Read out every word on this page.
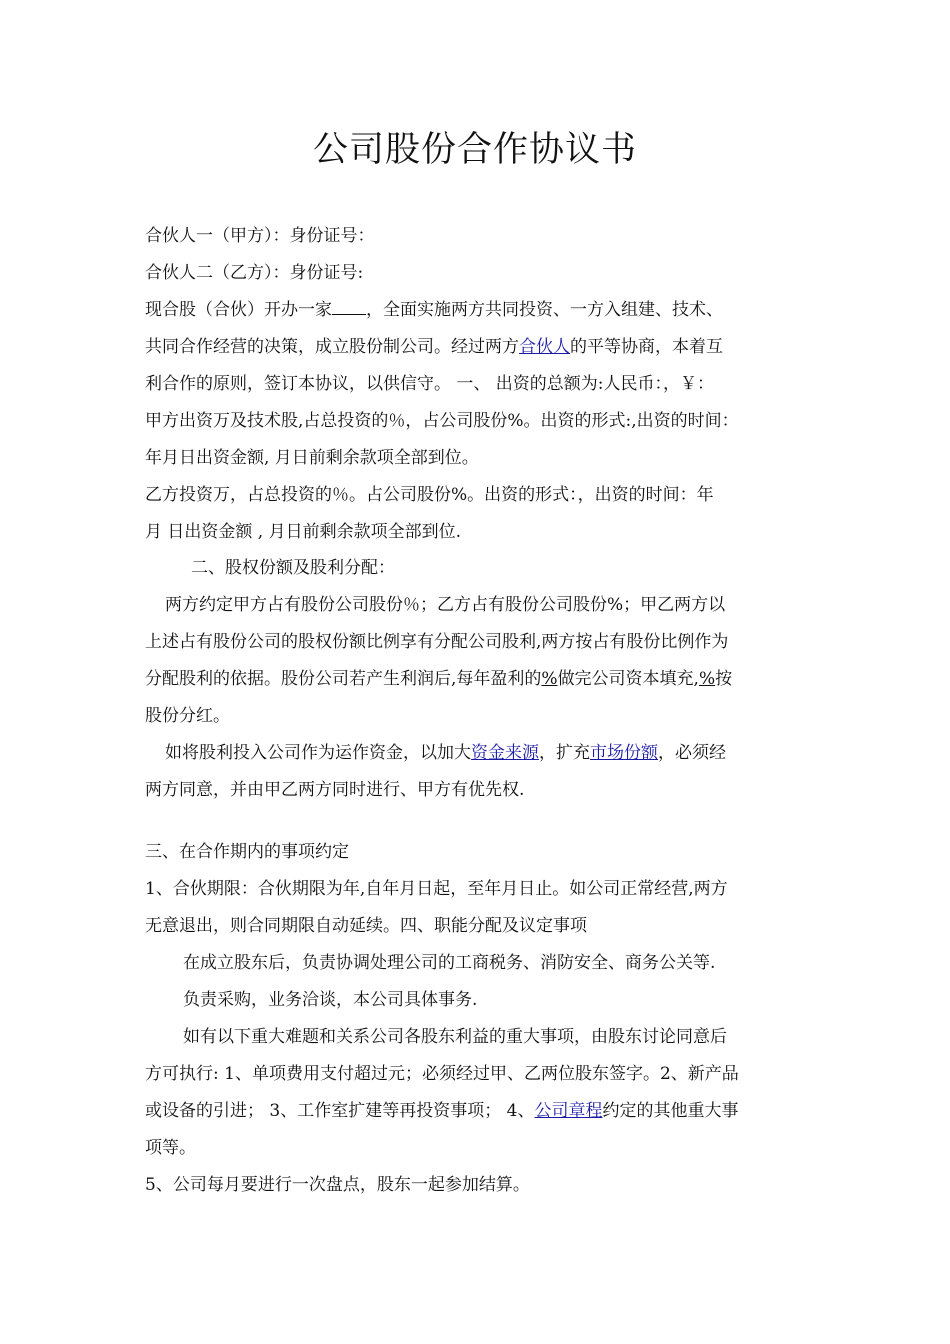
公司股份合作协议书
合伙人一（甲方）：身份证号：
合伙人二（乙方）：身份证号:
现合股（合伙）开办一家 ，全面实施两方共同投资、一方入组建、技术、
共同合作经营的决策，成立股份制公司。经过两方合伙人的平等协商，本着互
利合作的原则，签订本协议，以供信守。 一、 出资的总额为:人民币：，￥：
甲方出资万及技术股,占总投资的％，占公司股份%。出资的形式:,出资的时间：
年月日出资金额, 月日前剩余款项全部到位。
乙方投资万，占总投资的％。占公司股份%。出资的形式：，出资的时间：年
月 日出资金额 , 月日前剩余款项全部到位.
二、股权份额及股利分配：
两方约定甲方占有股份公司股份％；乙方占有股份公司股份%；甲乙两方以
上述占有股份公司的股权份额比例享有分配公司股利,两方按占有股份比例作为
分配股利的依据。股份公司若产生利润后,每年盈利的%做完公司资本填充,%按
股份分红。
如将股利投入公司作为运作资金，以加大资金来源，扩充市场份额，必须经
两方同意，并由甲乙两方同时进行、甲方有优先权.
三、在合作期内的事项约定
1、合伙期限：合伙期限为年,自年月日起，至年月日止。如公司正常经营,两方
无意退出，则合同期限自动延续。四、职能分配及议定事项
在成立股东后，负责协调处理公司的工商税务、消防安全、商务公关等.
负责采购，业务洽谈，本公司具体事务.
如有以下重大难题和关系公司各股东利益的重大事项，由股东讨论同意后
方可执行: 1、单项费用支付超过元；必须经过甲、乙两位股东签字。2、新产品
或设备的引进； 3、工作室扩建等再投资事项； 4、公司章程约定的其他重大事
项等。
5、公司每月要进行一次盘点，股东一起参加结算。
